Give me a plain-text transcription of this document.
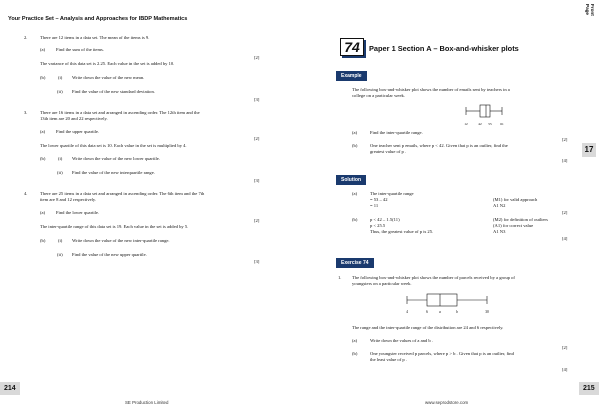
Your Practice Set – Analysis and Approaches for IBDP Mathematics
2.	There are 12 items in a data set. The mean of the items is 9.
(a) Find the sum of the items.
[2]
The variance of this data set is 2.25. Each value in the set is added by 10.
(b)	(i) Write down the value of the new mean.
(ii) Find the value of the new standard deviation.
[3]
3.	There are 16 items in a data set and arranged in ascending order. The 12th item and the
13th item are 20 and 22 respectively.
(a) Find the upper quartile.
[2]
The lower quartile of this data set is 10. Each value in the set is multiplied by 4.
(b)	(i) Write down the value of the new lower quartile.
(ii) Find the value of the new interquartile range.
[3]
4.	There are 25 items in a data set and arranged in ascending order. The 6th item and the 7th
item are 8 and 12 respectively.
(a) Find the lower quartile.
[2]
The inter-quartile range of this data set is 19. Each value in the set is added by 5.
(b)	(i) Write down the value of the new inter-quartile range.
(ii) Find the value of the new upper quartile.
[3]
214
SE Production Limited
Front Page
17
74	Paper 1 Section A – Box-and-whisker plots
Example
The following box-and-whisker plot shows the number of emails sent by teachers in a
college on a particular week.
12	42 55	61
(a)	Find the inter-quartile range.
[2]
(b)	One teacher sent p emails, where p < 42. Given that p is an outlier, find the
greatest value of p .
[4]
Solution
(a)	The inter-quartile range
= 53 – 42
= 11
(M1) for valid approach
A1 N2
[2]
(b)	p < 42 – 1.5(11)
p < 25.5
Thus, the greatest value of p is 25.
(M2) for definition of outliers
(A1) for correct value
A1 N3
[4]
Exercise 74
1. The following box-and-whisker plot shows the number of parcels received by a group of
youngsters on a particular week.
4	6	a	b	30
The range and the inter-quartile range of the distribution are 24 and 6 respectively.
(a)	Write down the values of a and b .
[2]
(b)	One youngster received p parcels, where p > b . Given that p is an outlier, find
the least value of p .
[4]
215
www.seprodstore.com
